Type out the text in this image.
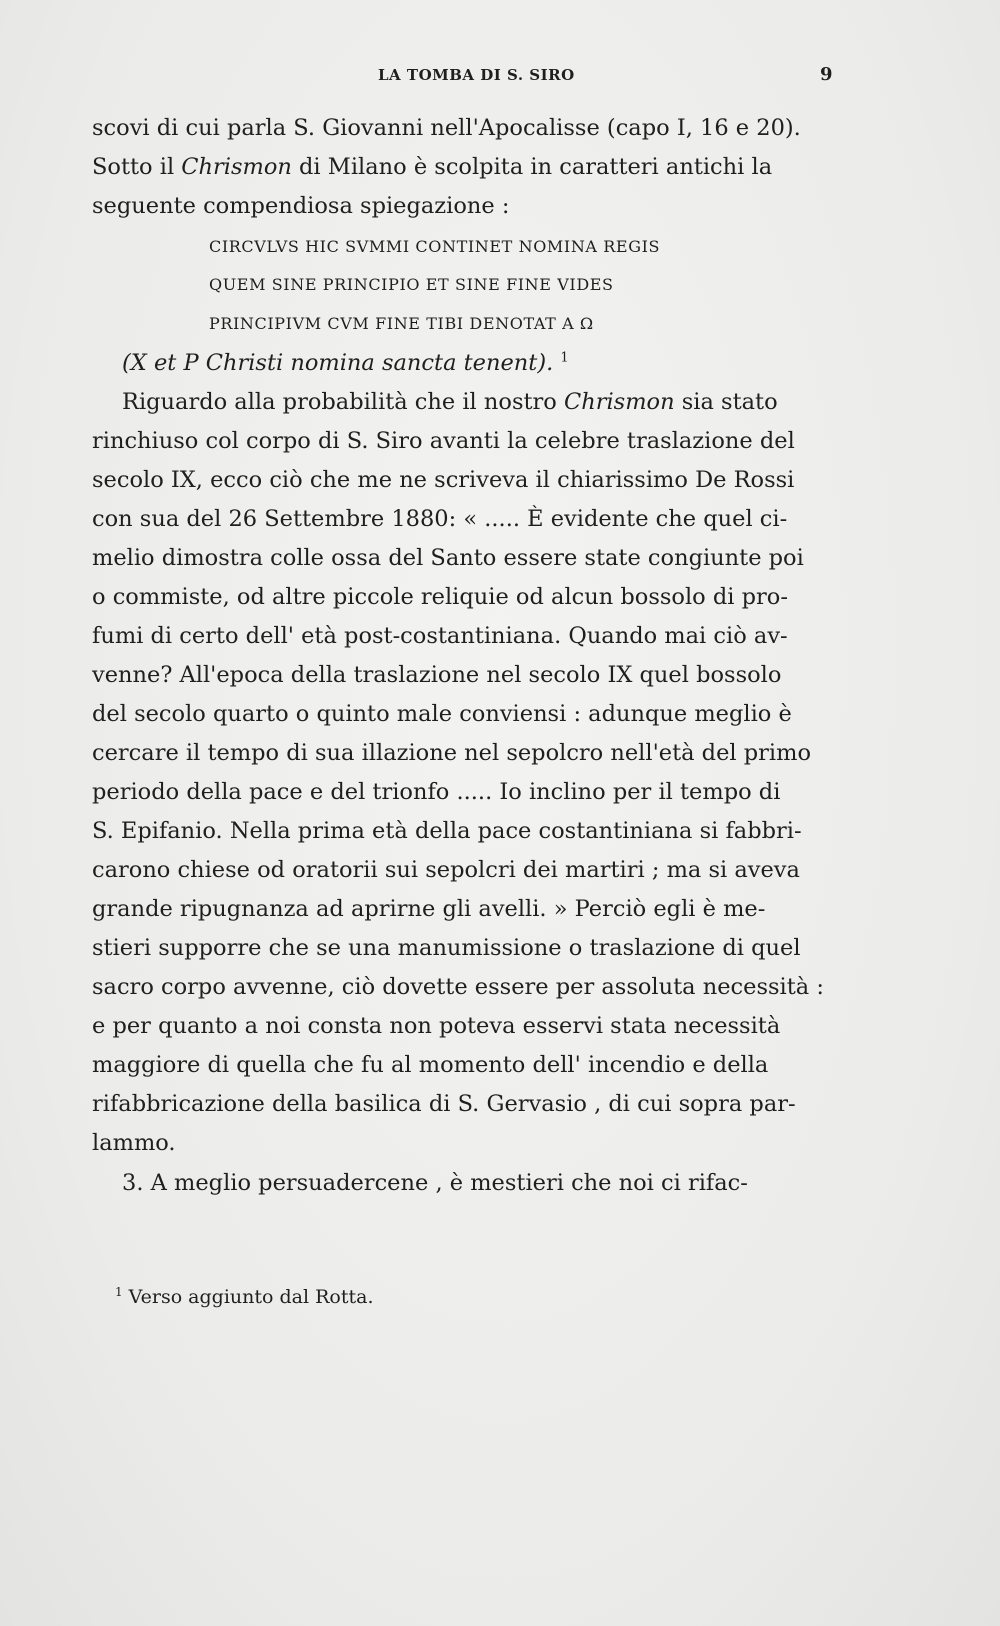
LA TOMBA DI S. SIRO	9
scovi di cui parla S. Giovanni nell'Apocalisse (capo I, 16 e 20).
Sotto il Chrismon di Milano è scolpita in caratteri antichi la
seguente compendiosa spiegazione :
CIRCVLVS HIC SVMMI CONTINET NOMINA REGIS
QUEM SINE PRINCIPIO ET SINE FINE VIDES
PRINCIPIVM CVM FINE TIBI DENOTAT Α Ω
(X et P Christi nomina sancta tenent). $^1$
Riguardo alla probabilità che il nostro Chrismon sia stato
rinchiuso col corpo di S. Siro avanti la celebre traslazione del
secolo IX, ecco ciò che me ne scriveva il chiarissimo De Rossi
con sua del 26 Settembre 1880: « ..... È evidente che quel ci-
melio dimostra colle ossa del Santo essere state congiunte poi
o commiste, od altre piccole reliquie od alcun bossolo di pro-
fumi di certo dell' età post-costantiniana. Quando mai ciò av-
venne? All'epoca della traslazione nel secolo IX quel bossolo
del secolo quarto o quinto male conviensi : adunque meglio è
cercare il tempo di sua illazione nel sepolcro nell'età del primo
periodo della pace e del trionfo ..... Io inclino per il tempo di
S. Epifanio. Nella prima età della pace costantiniana si fabbri-
carono chiese od oratorii sui sepolcri dei martiri ; ma si aveva
grande ripugnanza ad aprirne gli avelli. » Perciò egli è me-
stieri supporre che se una manumissione o traslazione di quel
sacro corpo avvenne, ciò dovette essere per assoluta necessità :
e per quanto a noi consta non poteva esservi stata necessità
maggiore di quella che fu al momento dell' incendio e della
rifabbricazione della basilica di S. Gervasio , di cui sopra par-
lammo.
3. A meglio persuadercene , è mestieri che noi ci rifac-
$^1$ Verso aggiunto dal Rotta.
